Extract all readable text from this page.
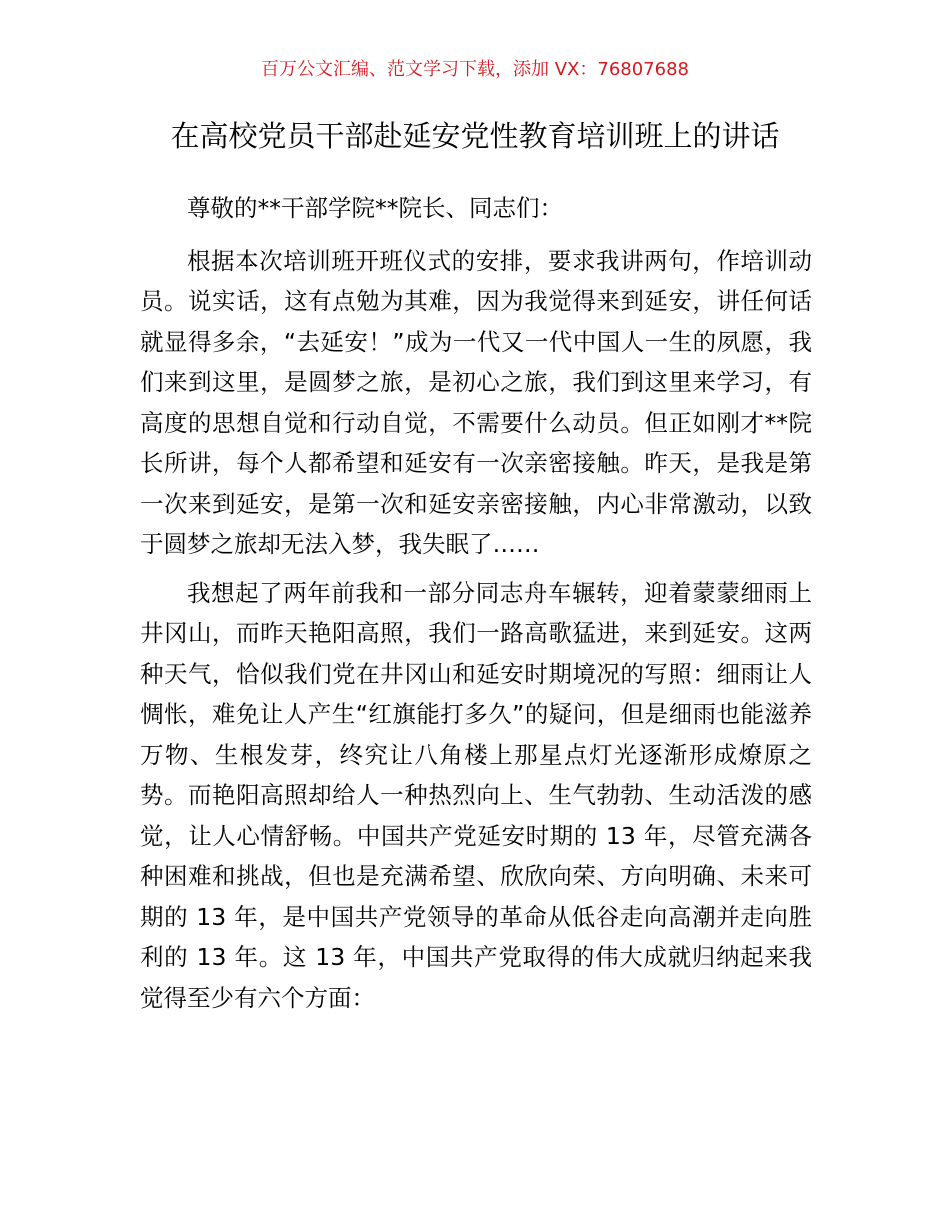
百万公文汇编、范文学习下载，添加 VX：76807688
在高校党员干部赴延安党性教育培训班上的讲话

尊敬的**干部学院**院长、同志们：

根据本次培训班开班仪式的安排，要求我讲两句，作培训动员。说实话，这有点勉为其难，因为我觉得来到延安，讲任何话就显得多余，“去延安！”成为一代又一代中国人一生的夙愿，我们来到这里，是圆梦之旅，是初心之旅，我们到这里来学习，有高度的思想自觉和行动自觉，不需要什么动员。但正如刚才**院长所讲，每个人都希望和延安有一次亲密接触。昨天，是我是第一次来到延安，是第一次和延安亲密接触，内心非常激动，以致于圆梦之旅却无法入梦，我失眠了……

我想起了两年前我和一部分同志舟车辗转，迎着蒙蒙细雨上井冈山，而昨天艳阳高照，我们一路高歌猛进，来到延安。这两种天气，恰似我们党在井冈山和延安时期境况的写照：细雨让人惆怅，难免让人产生“红旗能打多久”的疑问，但是细雨也能滋养万物、生根发芽，终究让八角楼上那星点灯光逐渐形成燎原之势。而艳阳高照却给人一种热烈向上、生气勃勃、生动活泼的感觉，让人心情舒畅。中国共产党延安时期的 13 年，尽管充满各种困难和挑战，但也是充满希望、欣欣向荣、方向明确、未来可期的 13 年，是中国共产党领导的革命从低谷走向高潮并走向胜利的 13 年。这 13 年，中国共产党取得的伟大成就归纳起来我觉得至少有六个方面：
